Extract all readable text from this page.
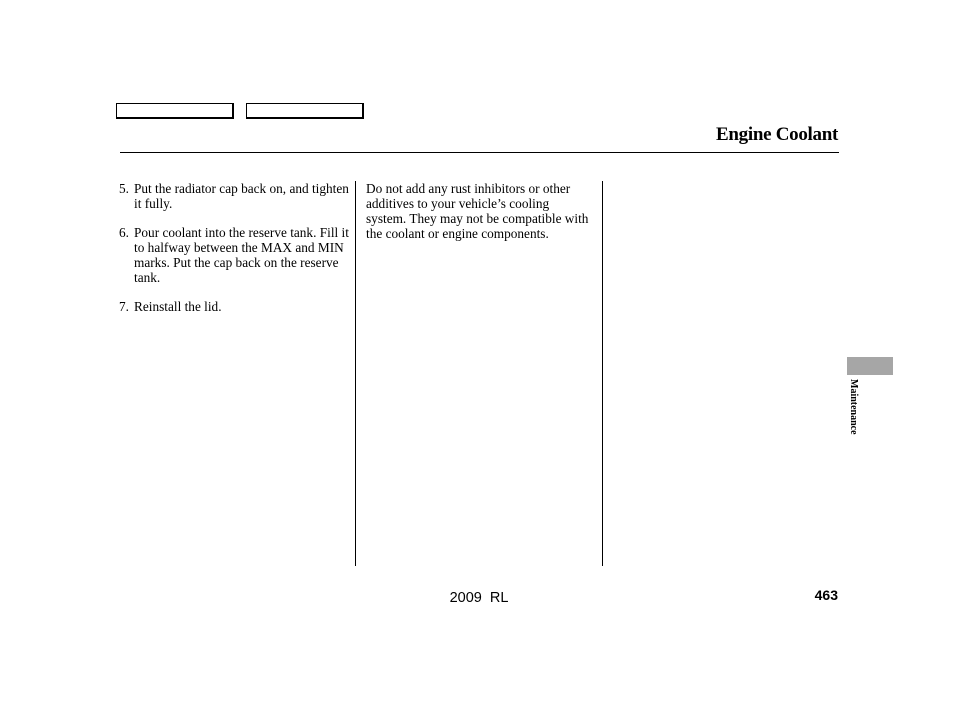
Engine Coolant
5. Put the radiator cap back on, and tighten it fully.
6. Pour coolant into the reserve tank. Fill it to halfway between the MAX and MIN marks. Put the cap back on the reserve tank.
7. Reinstall the lid.

Do not add any rust inhibitors or other additives to your vehicle’s cooling system. They may not be compatible with the coolant or engine components.

Maintenance
463
2009  RL
